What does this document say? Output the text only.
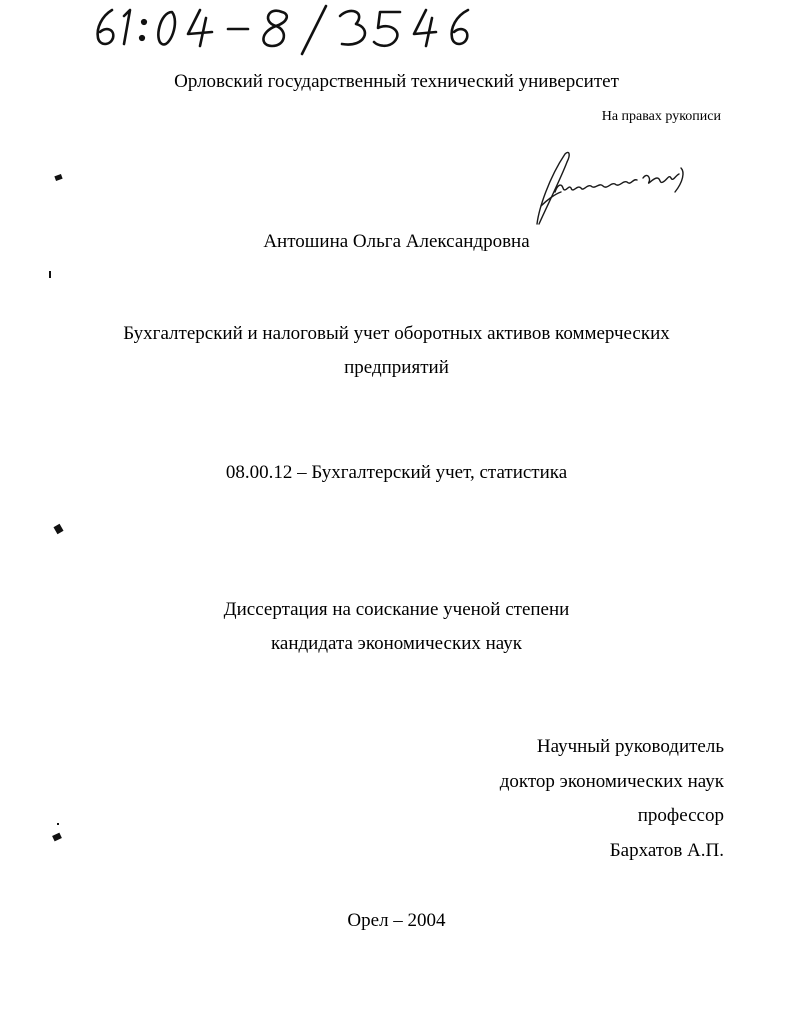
Орловский государственный технический университет
На правах рукописи
Антошина Ольга Александровна
Бухгалтерский и налоговый учет оборотных активов коммерческих
предприятий
08.00.12 – Бухгалтерский учет, статистика
Диссертация на соискание ученой степени
кандидата экономических наук
Научный руководитель
доктор экономических наук
профессор
Бархатов А.П.
Орел – 2004
